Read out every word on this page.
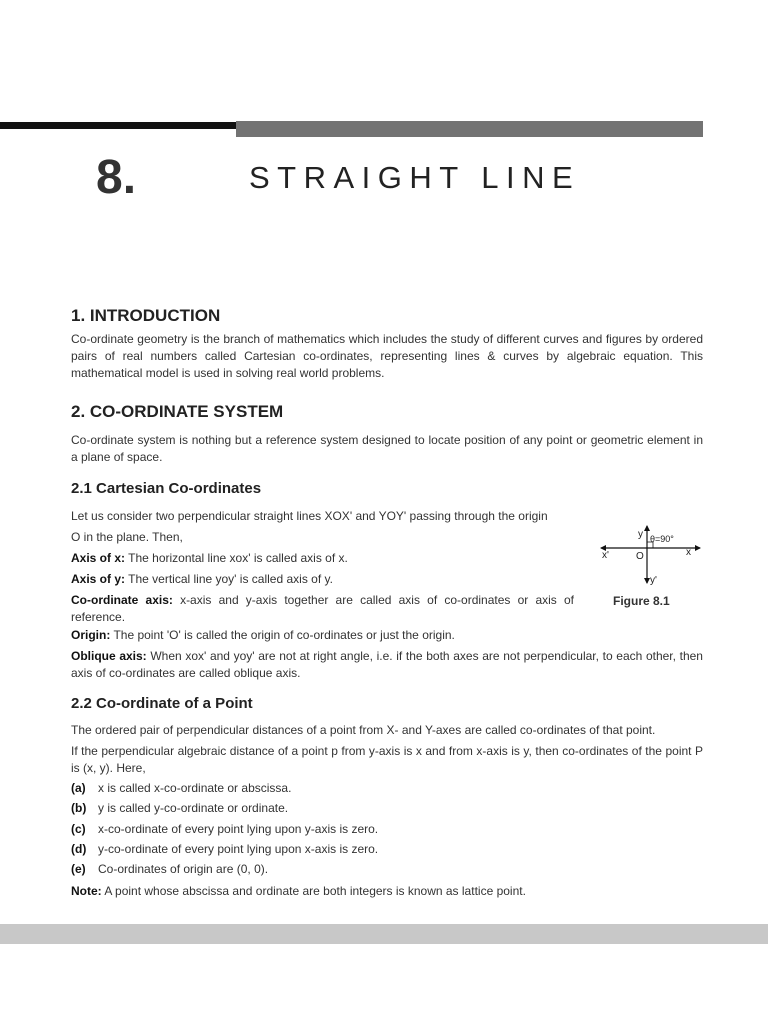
8.	STRAIGHT LINE
1. INTRODUCTION

Co-ordinate geometry is the branch of mathematics which includes the study of different curves and figures by ordered pairs of real numbers called Cartesian co-ordinates, representing lines & curves by algebraic equation. This mathematical model is used in solving real world problems.

2. CO-ORDINATE SYSTEM

Co-ordinate system is nothing but a reference system designed to locate position of any point or geometric element in a plane of space.

2.1 Cartesian Co-ordinates

Let us consider two perpendicular straight lines XOX' and YOY' passing through the origin

O in the plane. Then,

Axis of x: The horizontal line xox' is called axis of x.

Axis of y: The vertical line yoy' is called axis of y.

Co-ordinate axis: x-axis and y-axis together are called axis of co-ordinates or axis of reference.

Origin: The point 'O' is called the origin of co-ordinates or just the origin.

Oblique axis: When xox' and yoy' are not at right angle, i.e. if the both axes are not perpendicular, to each other, then axis of co-ordinates are called oblique axis.

y
y'
x
x'	O
θ=90°
Figure 8.1
2.2 Co-ordinate of a Point

The ordered pair of perpendicular distances of a point from X- and Y-axes are called co-ordinates of that point.

If the perpendicular algebraic distance of a point p from y-axis is x and from x-axis is y, then co-ordinates of the point P is (x, y). Here,

(a) x is called x-co-ordinate or abscissa.

(b) y is called y-co-ordinate or ordinate.

(c) x-co-ordinate of every point lying upon y-axis is zero.

(d) y-co-ordinate of every point lying upon x-axis is zero.

(e) Co-ordinates of origin are (0, 0).

Note: A point whose abscissa and ordinate are both integers is known as lattice point.
